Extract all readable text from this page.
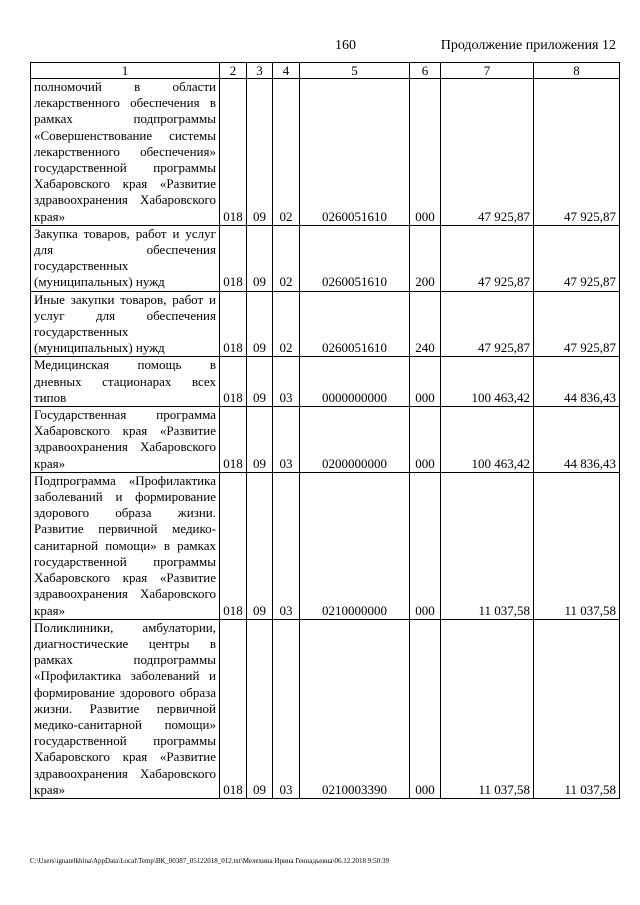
160	Продолжение приложения 12
1	2	3	4	5	6	7	8
полномочий в области лекарственного обеспечения в рамках подпрограммы «Совершенствование системы лекарственного обеспечения» государственной программы Хабаровского края «Развитие здравоохранения Хабаровского края»	018	09	02	0260051610	000	47 925,87	47 925,87
Закупка товаров, работ и услуг для обеспечения государственных (муниципальных) нужд	018	09	02	0260051610	200	47 925,87	47 925,87
Иные закупки товаров, работ и услуг для обеспечения государственных (муниципальных) нужд	018	09	02	0260051610	240	47 925,87	47 925,87
Медицинская помощь в дневных стационарах всех типов	018	09	03	0000000000	000	100 463,42	44 836,43
Государственная программа Хабаровского края «Развитие здравоохранения Хабаровского края»	018	09	03	0200000000	000	100 463,42	44 836,43
Подпрограмма «Профилактика заболеваний и формирование здорового образа жизни. Развитие первичной медико-санитарной помощи» в рамках государственной программы Хабаровского края «Развитие здравоохранения Хабаровского края»	018	09	03	0210000000	000	11 037,58	11 037,58
Поликлиники, амбулатории, диагностические центры в рамках подпрограммы «Профилактика заболеваний и формирование здорового образа жизни. Развитие первичной медико-санитарной помощи» государственной программы Хабаровского края «Развитие здравоохранения Хабаровского края»	018	09	03	0210003390	000	11 037,58	11 037,58
C:\Users\ignatelkhina\AppData\Local\Temp\ВК_00387_05122018_012.txt\Мелехина Ирина Геннадьевна\06.12.2018 9:50:39
